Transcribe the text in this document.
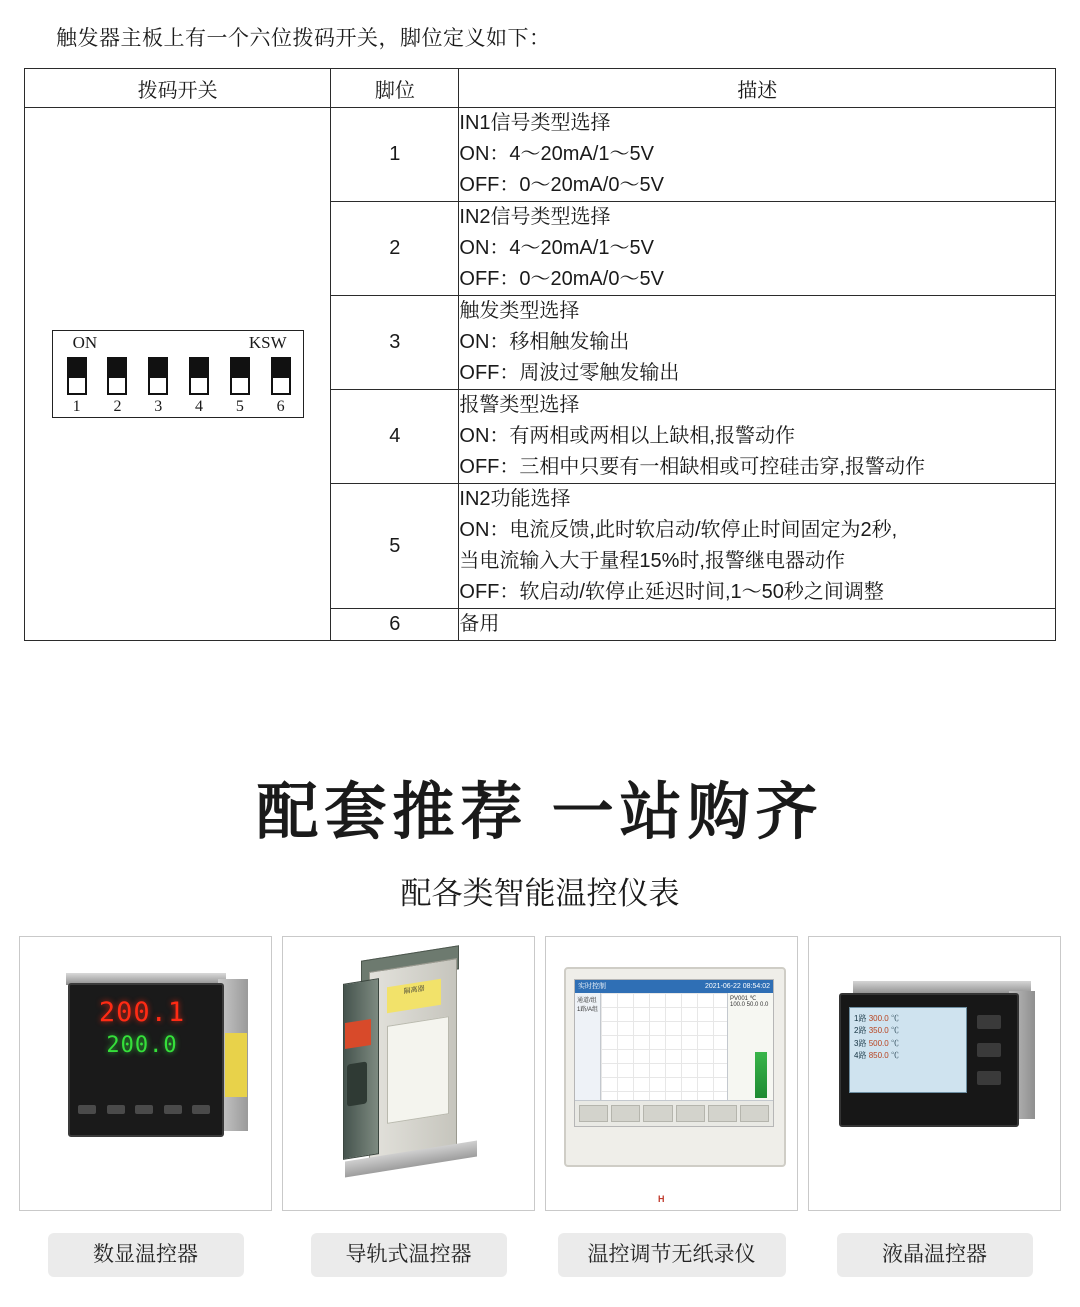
触发器主板上有一个六位拨码开关，脚位定义如下：
拨码开关	脚位	描述

ON	KSW
1	2	3	4	5	6
	1	
IN1信号类型选择
ON：4～20mA/1～5V
OFF：0～20mA/0～5V

	2	IN2信号类型选择
ON：4～20mA/1～5V
OFF：0～20mA/0～5V

	3	触发类型选择
ON：移相触发输出
OFF：周波过零触发输出

	4	报警类型选择
ON：有两相或两相以上缺相,报警动作
OFF：三相中只要有一相缺相或可控硅击穿,报警动作

	5	IN2功能选择
ON：电流反馈,此时软启动/软停止时间固定为2秒,
当电流输入大于量程15%时,报警继电器动作
OFF：软启动/软停止延迟时间,1～50秒之间调整

	6	备用
配套推荐 一站购齐
配各类智能温控仪表
200.1
200.0
数显温控器
隔离器
导轨式温控器
实时控制	2021-06-22 08:54:02
通道/组 1路/A组
PV001 ℃ 100.0 50.0 0.0
H
温控调节无纸录仪
1路 300.0 ℃
2路 350.0 ℃
3路 500.0 ℃
4路 850.0 ℃
液晶温控器
